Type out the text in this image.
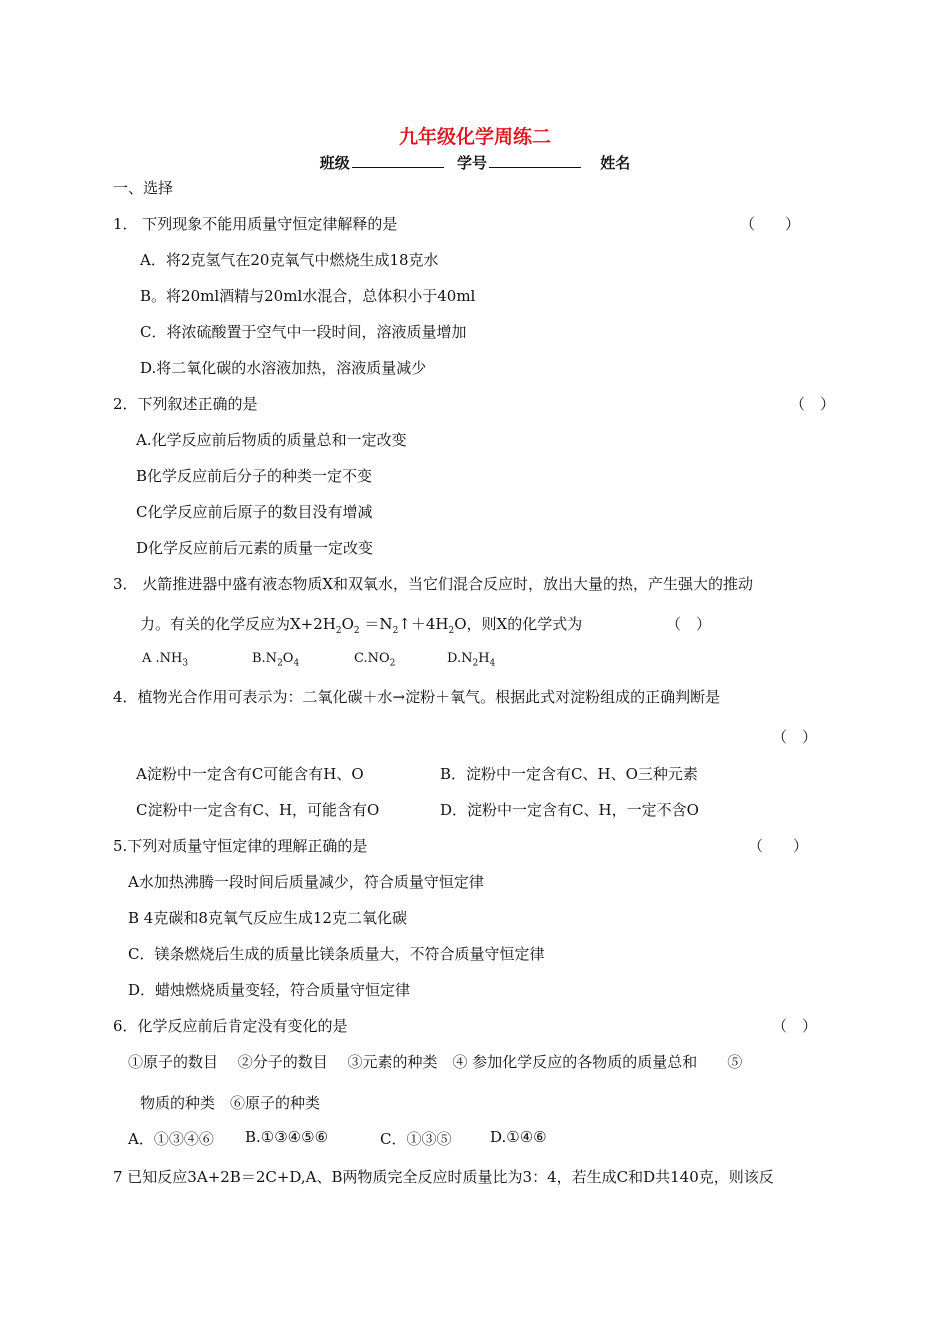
九年级化学周练二
班级	学号	姓名
一、选择
1． 下列现象不能用质量守恒定律解释的是	（　　）
A．将2克氢气在20克氧气中燃烧生成18克水
B。将20ml酒精与20ml水混合，总体积小于40ml
C．将浓硫酸置于空气中一段时间，溶液质量增加
D.将二氧化碳的水溶液加热，溶液质量减少
2．下列叙述正确的是	（　）
A.化学反应前后物质的质量总和一定改变
B化学反应前后分子的种类一定不变
C化学反应前后原子的数目没有增减
D化学反应前后元素的质量一定改变
3． 火箭推进器中盛有液态物质X和双氧水，当它们混合反应时，放出大量的热，产生强大的推动
力。有关的化学反应为$X+2H_2O_2$ $=N_2↑+4H_2O$，则X的化学式为	（　）
A $.NH_3$	$B.N_2O_4$	$C.NO_2$	$D.N_2H_4$
4．植物光合作用可表示为：二氧化碳＋水→淀粉＋氧气。根据此式对淀粉组成的正确判断是
（　）
A淀粉中一定含有C可能含有H、O	B．淀粉中一定含有C、H、O三种元素
C淀粉中一定含有C、H，可能含有O	D．淀粉中一定含有C、H，一定不含O
5.下列对质量守恒定律的理解正确的是	（　　）
A水加热沸腾一段时间后质量减少，符合质量守恒定律
B 4克碳和8克氧气反应生成12克二氧化碳
C．镁条燃烧后生成的质量比镁条质量大，不符合质量守恒定律
D．蜡烛燃烧质量变轻，符合质量守恒定律
6．化学反应前后肯定没有变化的是	（　）
①原子的数目　 ②分子的数目　 ③元素的种类　④ 参加化学反应的各物质的质量总和　　⑤
物质的种类　⑥原子的种类
A．①③④⑥ B.①③④⑤⑥	C．①③⑤	D.①④⑥
7 已知反应3A+2B＝2C+D,A、B两物质完全反应时质量比为3：4，若生成C和D共140克，则该反
